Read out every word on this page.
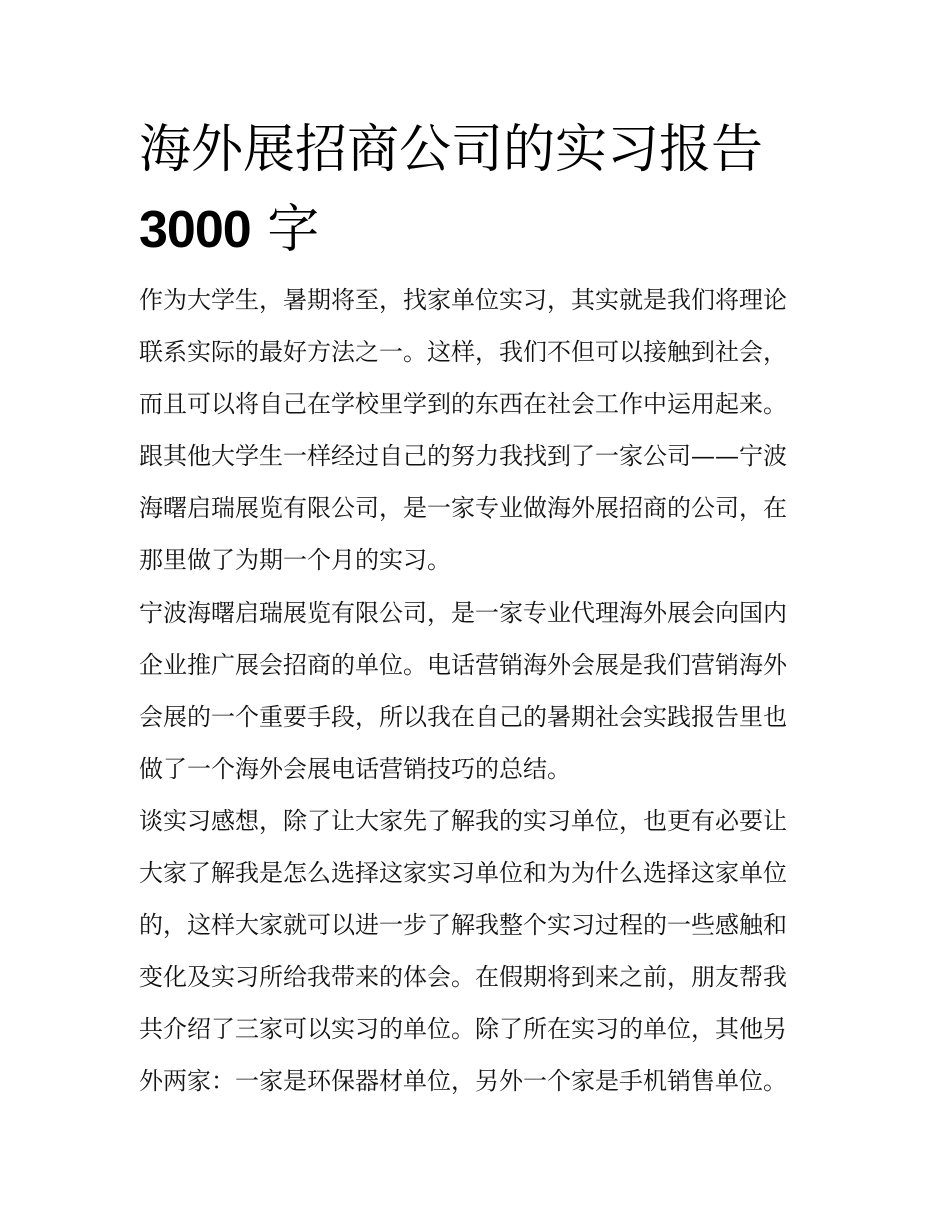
海外展招商公司的实习报告
3000 字
作为大学生，暑期将至，找家单位实习，其实就是我们将理论
联系实际的最好方法之一。这样，我们不但可以接触到社会，
而且可以将自己在学校里学到的东西在社会工作中运用起来。
跟其他大学生一样经过自己的努力我找到了一家公司——宁波
海曙启瑞展览有限公司，是一家专业做海外展招商的公司，在
那里做了为期一个月的实习。
宁波海曙启瑞展览有限公司，是一家专业代理海外展会向国内
企业推广展会招商的单位。电话营销海外会展是我们营销海外
会展的一个重要手段，所以我在自己的暑期社会实践报告里也
做了一个海外会展电话营销技巧的总结。
谈实习感想，除了让大家先了解我的实习单位，也更有必要让
大家了解我是怎么选择这家实习单位和为为什么选择这家单位
的，这样大家就可以进一步了解我整个实习过程的一些感触和
变化及实习所给我带来的体会。在假期将到来之前，朋友帮我
共介绍了三家可以实习的单位。除了所在实习的单位，其他另
外两家：一家是环保器材单位，另外一个家是手机销售单位。
